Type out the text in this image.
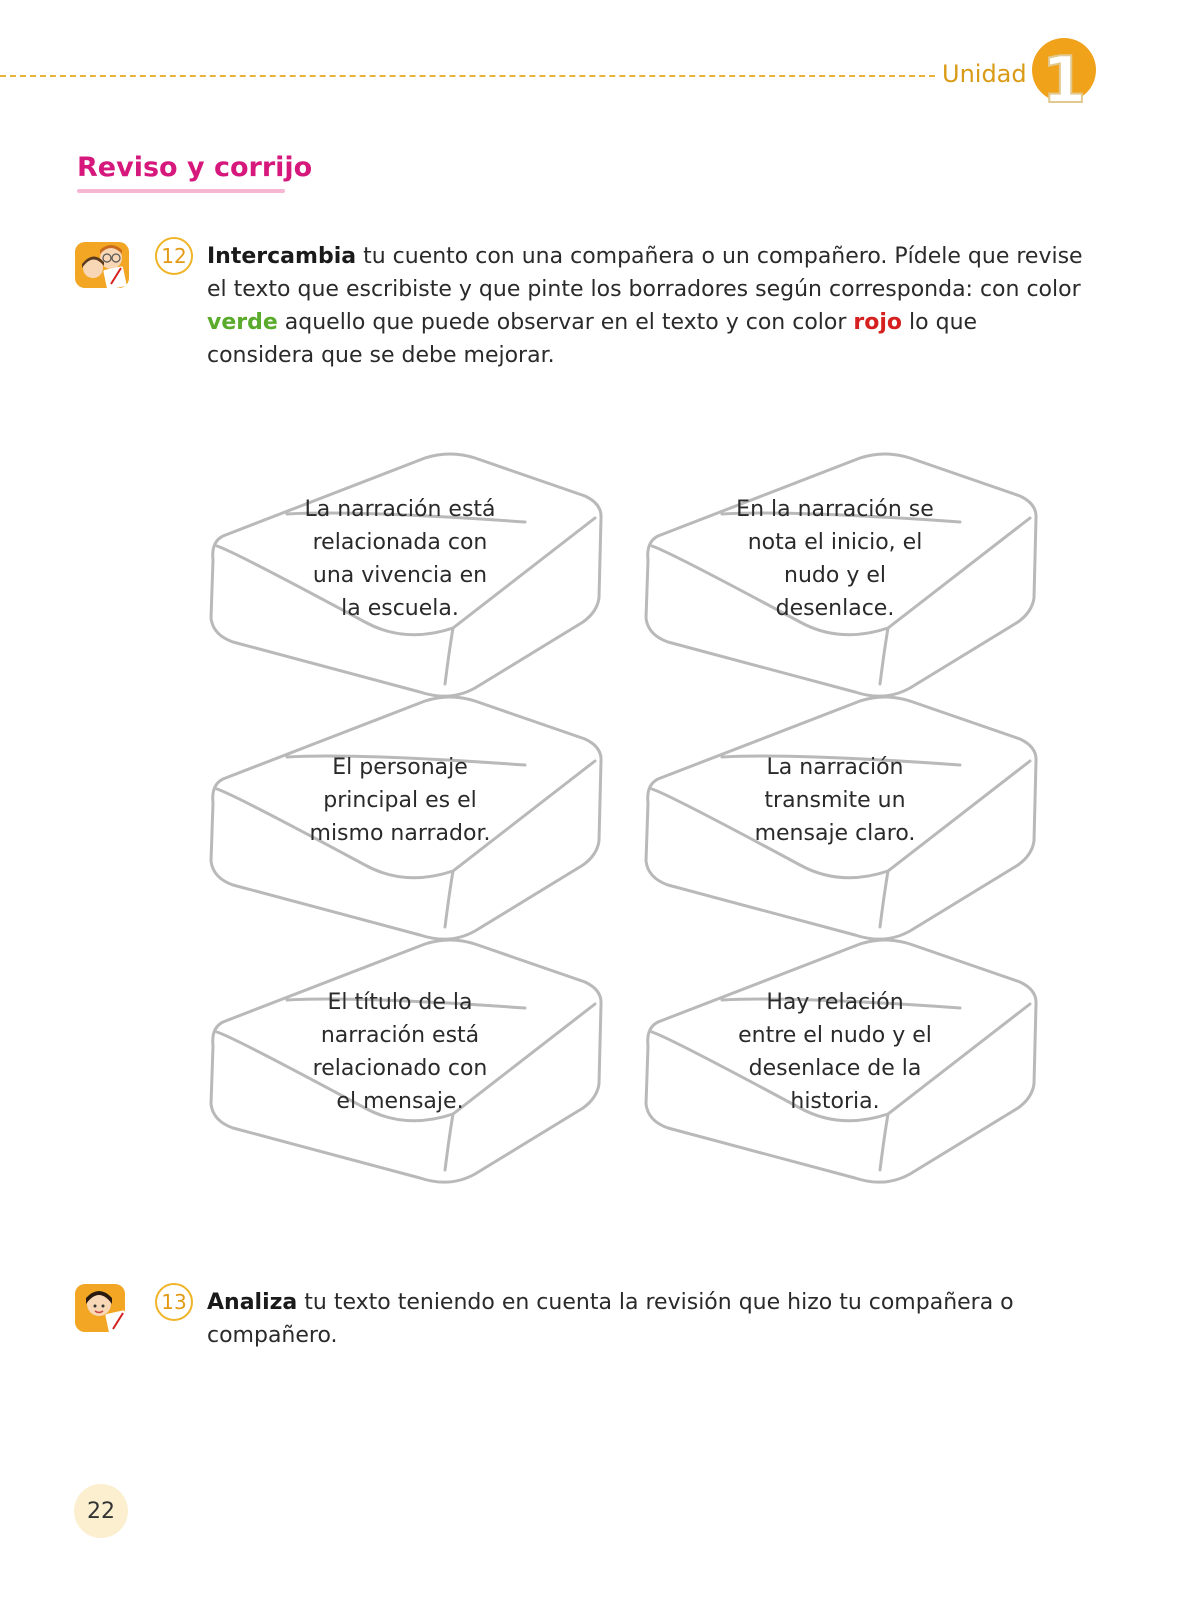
Unidad 1
Reviso y corrijo
12 Intercambia tu cuento con una compañera o un compañero. Pídele que revise el texto que escribiste y que pinte los borradores según corresponda: con color verde aquello que puede observar en el texto y con color rojo lo que considera que se debe mejorar.
La narración está relacionada con una vivencia en la escuela.
En la narración se nota el inicio, el nudo y el desenlace.
El personaje principal es el mismo narrador.
La narración transmite un mensaje claro.
El título de la narración está relacionado con el mensaje.
Hay relación entre el nudo y el desenlace de la historia.
13 Analiza tu texto teniendo en cuenta la revisión que hizo tu compañera o compañero.
22
